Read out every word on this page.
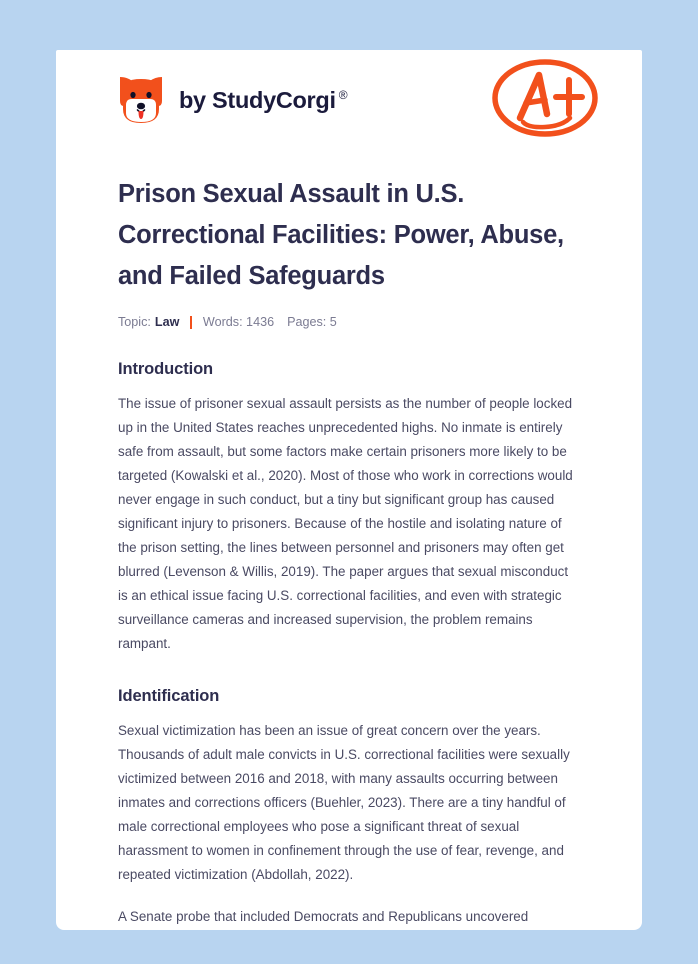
by StudyCorgi ®
Prison Sexual Assault in U.S. Correctional Facilities: Power, Abuse, and Failed Safeguards
Topic: Law Words: 1436 Pages: 5
Introduction

The issue of prisoner sexual assault persists as the number of people locked up in the United States reaches unprecedented highs. No inmate is entirely safe from assault, but some factors make certain prisoners more likely to be targeted (Kowalski et al., 2020). Most of those who work in corrections would never engage in such conduct, but a tiny but significant group has caused significant injury to prisoners. Because of the hostile and isolating nature of the prison setting, the lines between personnel and prisoners may often get blurred (Levenson & Willis, 2019). The paper argues that sexual misconduct is an ethical issue facing U.S. correctional facilities, and even with strategic surveillance cameras and increased supervision, the problem remains rampant.

Identification

Sexual victimization has been an issue of great concern over the years. Thousands of adult male convicts in U.S. correctional facilities were sexually victimized between 2016 and 2018, with many assaults occurring between inmates and corrections officers (Buehler, 2023). There are a tiny handful of male correctional employees who pose a significant threat of sexual harassment to women in confinement through the use of fear, revenge, and repeated victimization (Abdollah, 2022).

A Senate probe that included Democrats and Republicans uncovered
